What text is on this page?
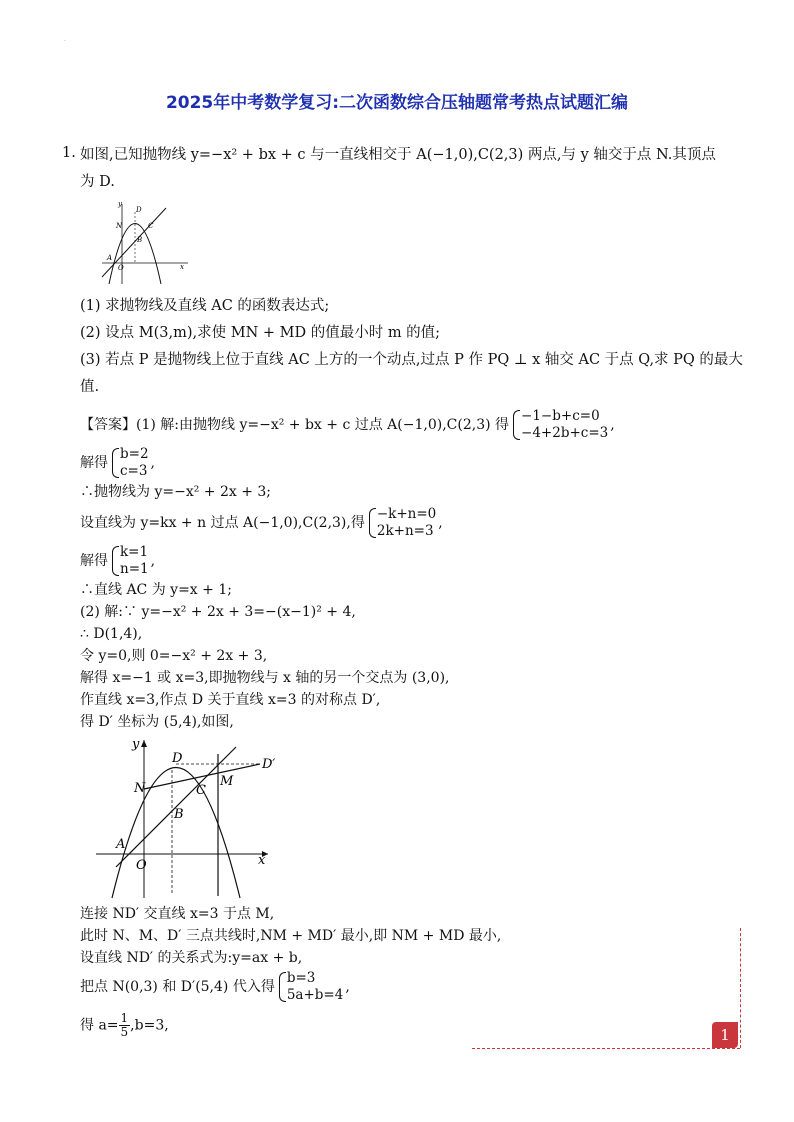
·
2025年中考数学复习:二次函数综合压轴题常考热点试题汇编
1. 如图,已知抛物线 y=−x² + bx + c 与一直线相交于 A(−1,0),C(2,3) 两点,与 y 轴交于点 N.其顶点
为 D.
y
D
N	C
B
A
O	x
(1) 求抛物线及直线 AC 的函数表达式;
(2) 设点 M(3,m),求使 MN + MD 的值最小时 m 的值;
(3) 若点 P 是抛物线上位于直线 AC 上方的一个动点,过点 P 作 PQ ⊥ x 轴交 AC 于点 Q,求 PQ 的最大
值.
【答案】(1) 解:由抛物线 y=−x² + bx + c 过点 A(−1,0),C(2,3) 得
−1−b+c=0
−4+2b+c=3 ,
解得
b=2
c=3 ,
∴抛物线为 y=−x² + 2x + 3;
设直线为 y=kx + n 过点 A(−1,0),C(2,3),得
−k+n=0
2k+n=3 ,
解得
k=1
n=1 ,
∴直线 AC 为 y=x + 1;
(2) 解:∵ y=−x² + 2x + 3=−(x−1)² + 4,
∴ D(1,4),
令 y=0,则 0=−x² + 2x + 3,
解得 x=−1 或 x=3,即抛物线与 x 轴的另一个交点为 (3,0),
作直线 x=3,作点 D 关于直线 x=3 的对称点 D′,
得 D′ 坐标为 (5,4),如图,
y
D	D′
N	C
M
B
A
O	x
连接 ND′ 交直线 x=3 于点 M,
此时 N、M、D′ 三点共线时,NM + MD′ 最小,即 NM + MD 最小,
设直线 ND′ 的关系式为:y=ax + b,
把点 N(0,3) 和 D′(5,4) 代入得
b=3
5a+b=4 ,
得 $a= \frac{1}{5} ,b=3$,
1
